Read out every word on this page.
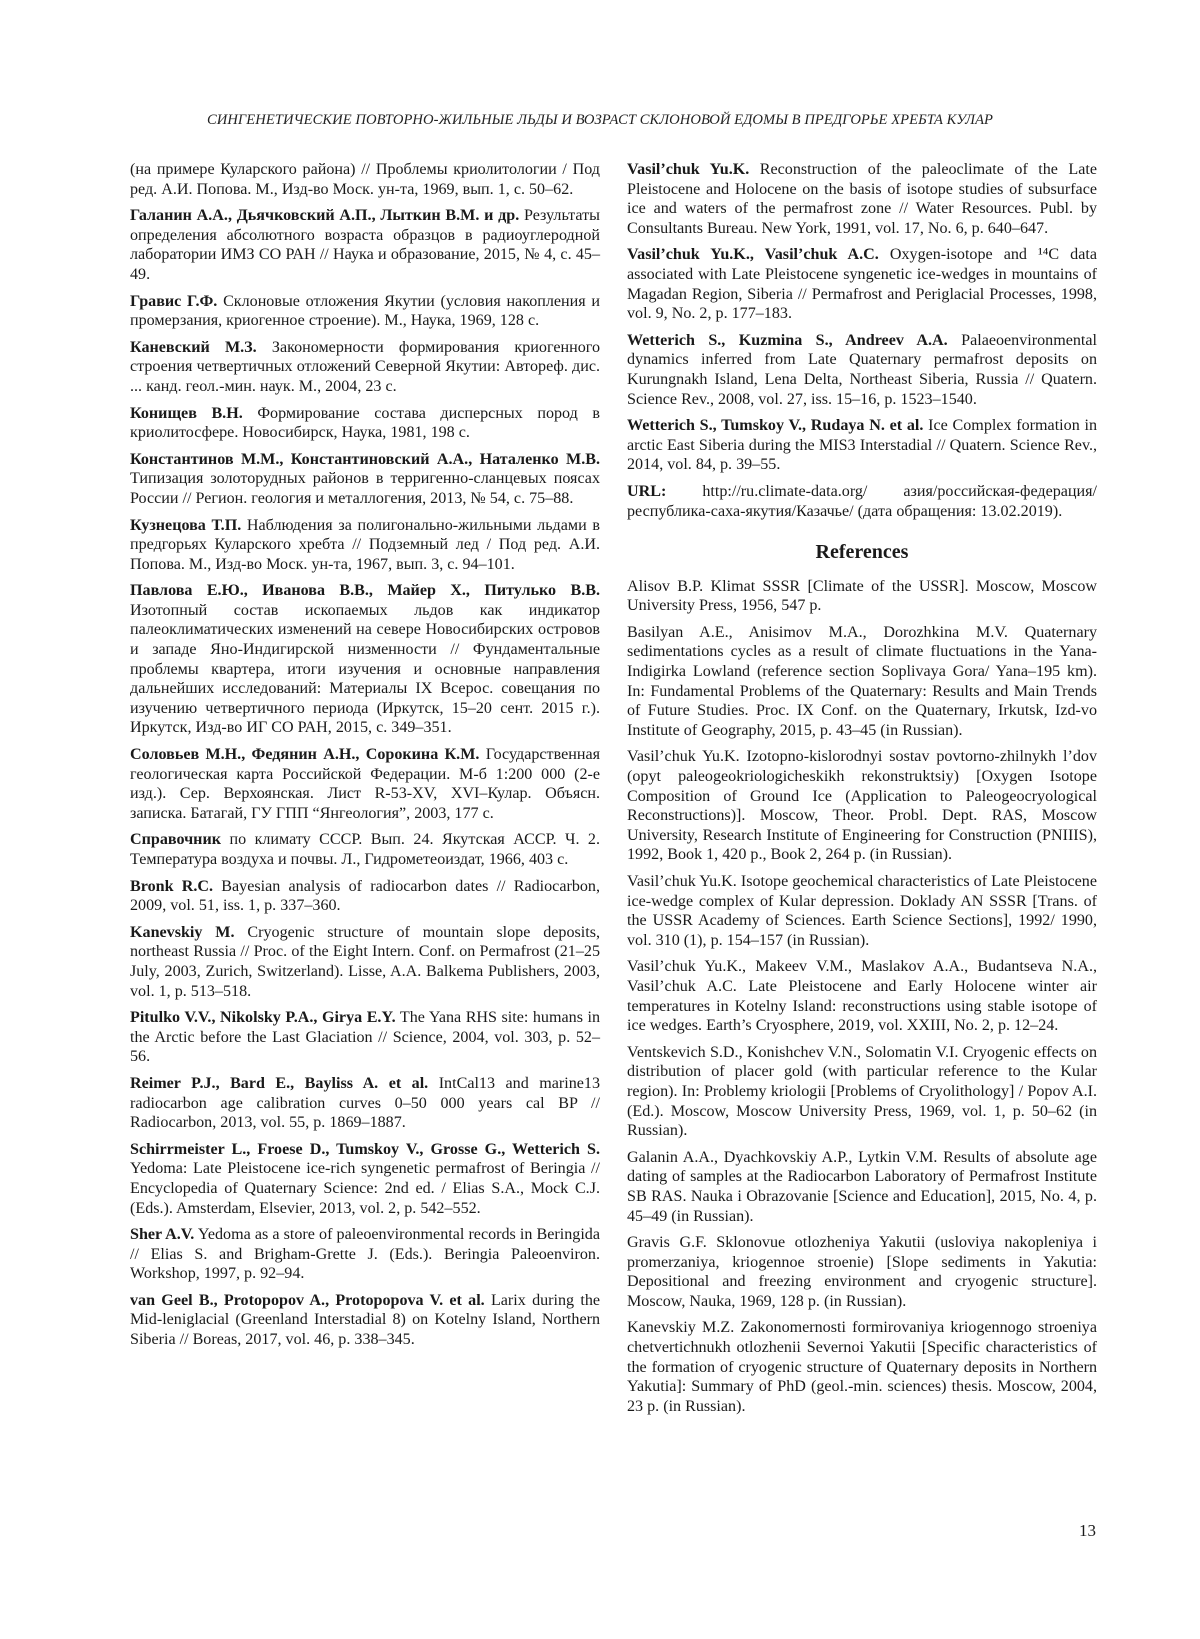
СИНГЕНЕТИЧЕСКИЕ ПОВТОРНО-ЖИЛЬНЫЕ ЛЬДЫ И ВОЗРАСТ СКЛОНОВОЙ ЕДОМЫ В ПРЕДГОРЬЕ ХРЕБТА КУЛАР

(на примере Куларского района) // Проблемы криолитологии / Под ред. А.И. Попова. М., Изд-во Моск. ун-та, 1969, вып. 1, с. 50–62.

Галанин А.А., Дьячковский А.П., Лыткин В.М. и др. Результаты определения абсолютного возраста образцов в радиоуглеродной лаборатории ИМЗ СО РАН // Наука и образование, 2015, № 4, с. 45–49.

Гравис Г.Ф. Склоновые отложения Якутии (условия накопления и промерзания, криогенное строение). М., Наука, 1969, 128 с.

Каневский М.З. Закономерности формирования криогенного строения четвертичных отложений Северной Якутии: Автореф. дис. ... канд. геол.-мин. наук. М., 2004, 23 с.

Конищев В.Н. Формирование состава дисперсных пород в криолитосфере. Новосибирск, Наука, 1981, 198 с.

Константинов М.М., Константиновский А.А., Наталенко М.В. Типизация золоторудных районов в терригенно-сланцевых поясах России // Регион. геология и металлогения, 2013, № 54, с. 75–88.

Кузнецова Т.П. Наблюдения за полигонально-жильными льдами в предгорьях Куларского хребта // Подземный лед / Под ред. А.И. Попова. М., Изд-во Моск. ун-та, 1967, вып. 3, с. 94–101.

Павлова Е.Ю., Иванова В.В., Майер Х., Питулько В.В. Изотопный состав ископаемых льдов как индикатор палеоклиматических изменений на севере Новосибирских островов и западе Яно-Индигирской низменности // Фундаментальные проблемы квартера, итоги изучения и основные направления дальнейших исследований: Материалы IX Всерос. совещания по изучению четвертичного периода (Иркутск, 15–20 сент. 2015 г.). Иркутск, Изд-во ИГ СО РАН, 2015, с. 349–351.

Соловьев М.Н., Федянин А.Н., Сорокина К.М. Государственная геологическая карта Российской Федерации. М-б 1:200 000 (2-е изд.). Сер. Верхоянская. Лист R-53-XV, XVI–Кулар. Объясн. записка. Батагай, ГУ ГПП “Янгеология”, 2003, 177 с.

Справочник по климату СССР. Вып. 24. Якутская АССР. Ч. 2. Температура воздуха и почвы. Л., Гидрометеоиздат, 1966, 403 с.

Bronk R.C. Bayesian analysis of radiocarbon dates // Radiocarbon, 2009, vol. 51, iss. 1, p. 337–360.

Kanevskiy M. Cryogenic structure of mountain slope deposits, northeast Russia // Proc. of the Eight Intern. Conf. on Permafrost (21–25 July, 2003, Zurich, Switzerland). Lisse, A.A. Balkema Publishers, 2003, vol. 1, p. 513–518.

Pitulko V.V., Nikolsky P.A., Girya E.Y. The Yana RHS site: humans in the Arctic before the Last Glaciation // Science, 2004, vol. 303, p. 52–56.

Reimer P.J., Bard E., Bayliss A. et al. IntCal13 and marine13 radiocarbon age calibration curves 0–50 000 years cal BP // Radiocarbon, 2013, vol. 55, p. 1869–1887.

Schirrmeister L., Froese D., Tumskoy V., Grosse G., Wetterich S. Yedoma: Late Pleistocene ice-rich syngenetic permafrost of Beringia // Encyclopedia of Quaternary Science: 2nd ed. / Elias S.A., Mock C.J. (Eds.). Amsterdam, Elsevier, 2013, vol. 2, p. 542–552.

Sher A.V. Yedoma as a store of paleoenvironmental records in Beringida // Elias S. and Brigham-Grette J. (Eds.). Beringia Paleoenviron. Workshop, 1997, p. 92–94.

van Geel B., Protopopov A., Protopopova V. et al. Larix during the Mid-leniglacial (Greenland Interstadial 8) on Kotelny Island, Northern Siberia // Boreas, 2017, vol. 46, p. 338–345.

Vasil’chuk Yu.K. Reconstruction of the paleoclimate of the Late Pleistocene and Holocene on the basis of isotope studies of subsurface ice and waters of the permafrost zone // Water Resources. Publ. by Consultants Bureau. New York, 1991, vol. 17, No. 6, p. 640–647.

Vasil’chuk Yu.K., Vasil’chuk A.C. Oxygen-isotope and ¹⁴C data associated with Late Pleistocene syngenetic ice-wedges in mountains of Magadan Region, Siberia // Permafrost and Periglacial Processes, 1998, vol. 9, No. 2, p. 177–183.

Wetterich S., Kuzmina S., Andreev A.A. Palaeoenvironmental dynamics inferred from Late Quaternary permafrost deposits on Kurungnakh Island, Lena Delta, Northeast Siberia, Russia // Quatern. Science Rev., 2008, vol. 27, iss. 15–16, p. 1523–1540.

Wetterich S., Tumskoy V., Rudaya N. et al. Ice Complex formation in arctic East Siberia during the MIS3 Interstadial // Quatern. Science Rev., 2014, vol. 84, p. 39–55.

URL: http://ru.climate-data.org/ азия/российская-федерация/республика-саха-якутия/Казачье/ (дата обращения: 13.02.2019).

References

Alisov B.P. Klimat SSSR [Climate of the USSR]. Moscow, Moscow University Press, 1956, 547 p.

Basilyan A.E., Anisimov M.A., Dorozhkina M.V. Quaternary sedimentations cycles as a result of climate fluctuations in the Yana-Indigirka Lowland (reference section Soplivaya Gora/ Yana–195 km). In: Fundamental Problems of the Quaternary: Results and Main Trends of Future Studies. Proc. IX Conf. on the Quaternary, Irkutsk, Izd-vo Institute of Geography, 2015, p. 43–45 (in Russian).

Vasil’chuk Yu.K. Izotopno-kislorodnyi sostav povtorno-zhilnykh l’dov (opyt paleogeokriologicheskikh rekonstruktsiy) [Oxygen Isotope Composition of Ground Ice (Application to Paleogeocryological Reconstructions)]. Moscow, Theor. Probl. Dept. RAS, Moscow University, Research Institute of Engineering for Construction (PNIIIS), 1992, Book 1, 420 p., Book 2, 264 p. (in Russian).

Vasil’chuk Yu.K. Isotope geochemical characteristics of Late Pleistocene ice-wedge complex of Kular depression. Doklady AN SSSR [Trans. of the USSR Academy of Sciences. Earth Science Sections], 1992/ 1990, vol. 310 (1), p. 154–157 (in Russian).

Vasil’chuk Yu.K., Makeev V.M., Maslakov A.A., Budantseva N.A., Vasil’chuk A.C. Late Pleistocene and Early Holocene winter air temperatures in Kotelny Island: reconstructions using stable isotope of ice wedges. Earth’s Cryosphere, 2019, vol. XXIII, No. 2, p. 12–24.

Ventskevich S.D., Konishchev V.N., Solomatin V.I. Cryogenic effects on distribution of placer gold (with particular reference to the Kular region). In: Problemy kriologii [Problems of Cryolithology] / Popov A.I. (Ed.). Moscow, Moscow University Press, 1969, vol. 1, p. 50–62 (in Russian).

Galanin A.A., Dyachkovskiy A.P., Lytkin V.M. Results of absolute age dating of samples at the Radiocarbon Laboratory of Permafrost Institute SB RAS. Nauka i Obrazovanie [Science and Education], 2015, No. 4, p. 45–49 (in Russian).

Gravis G.F. Sklonovue otlozheniya Yakutii (usloviya nakopleniya i promerzaniya, kriogennoe stroenie) [Slope sediments in Yakutia: Depositional and freezing environment and cryogenic structure]. Moscow, Nauka, 1969, 128 p. (in Russian).

Kanevskiy M.Z. Zakonomernosti formirovaniya kriogennogo stroeniya chetvertichnukh otlozhenii Severnoi Yakutii [Specific characteristics of the formation of cryogenic structure of Quaternary deposits in Northern Yakutia]: Summary of PhD (geol.-min. sciences) thesis. Moscow, 2004, 23 p. (in Russian).

13
